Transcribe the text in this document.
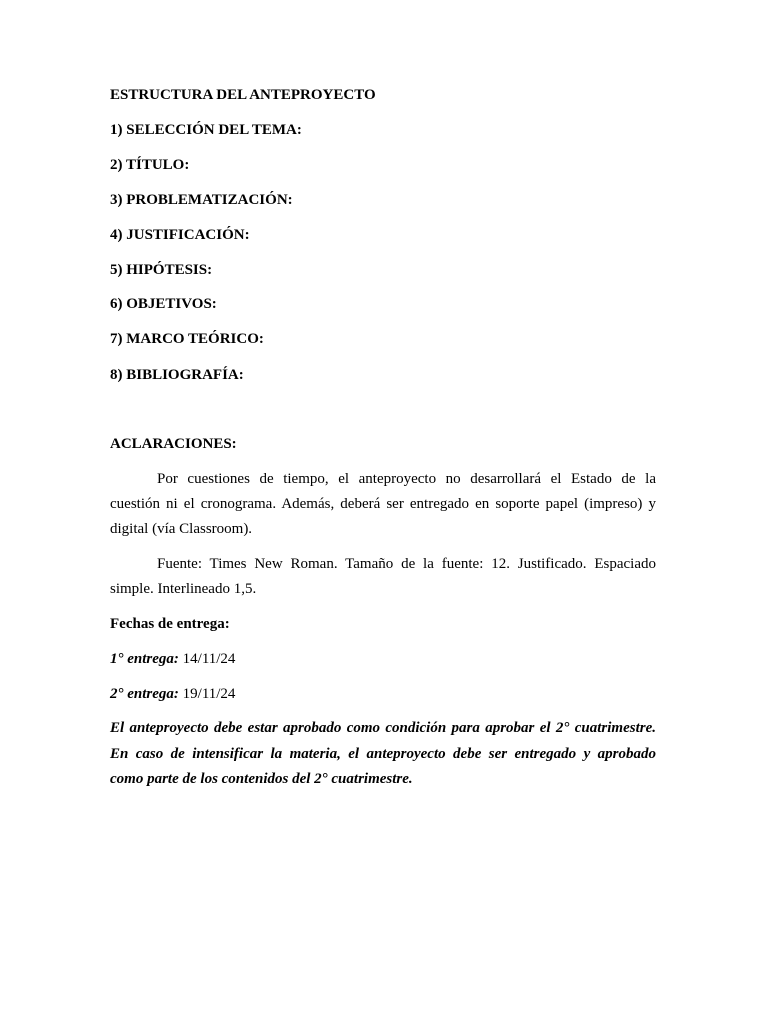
ESTRUCTURA DEL ANTEPROYECTO
1) SELECCIÓN DEL TEMA:
2) TÍTULO:
3) PROBLEMATIZACIÓN:
4) JUSTIFICACIÓN:
5) HIPÓTESIS:
6) OBJETIVOS:
7) MARCO TEÓRICO:
8) BIBLIOGRAFÍA:
ACLARACIONES:
Por cuestiones de tiempo, el anteproyecto no desarrollará el Estado de la
cuestión ni el cronograma. Además, deberá ser entregado en soporte papel (impreso) y
digital (vía Classroom).
Fuente: Times New Roman. Tamaño de la fuente: 12. Justificado. Espaciado
simple. Interlineado 1,5.
Fechas de entrega:
1° entrega: 14/11/24
2° entrega: 19/11/24
El anteproyecto debe estar aprobado como condición para aprobar el 2° cuatrimestre.
En caso de intensificar la materia, el anteproyecto debe ser entregado y aprobado
como parte de los contenidos del 2° cuatrimestre.
